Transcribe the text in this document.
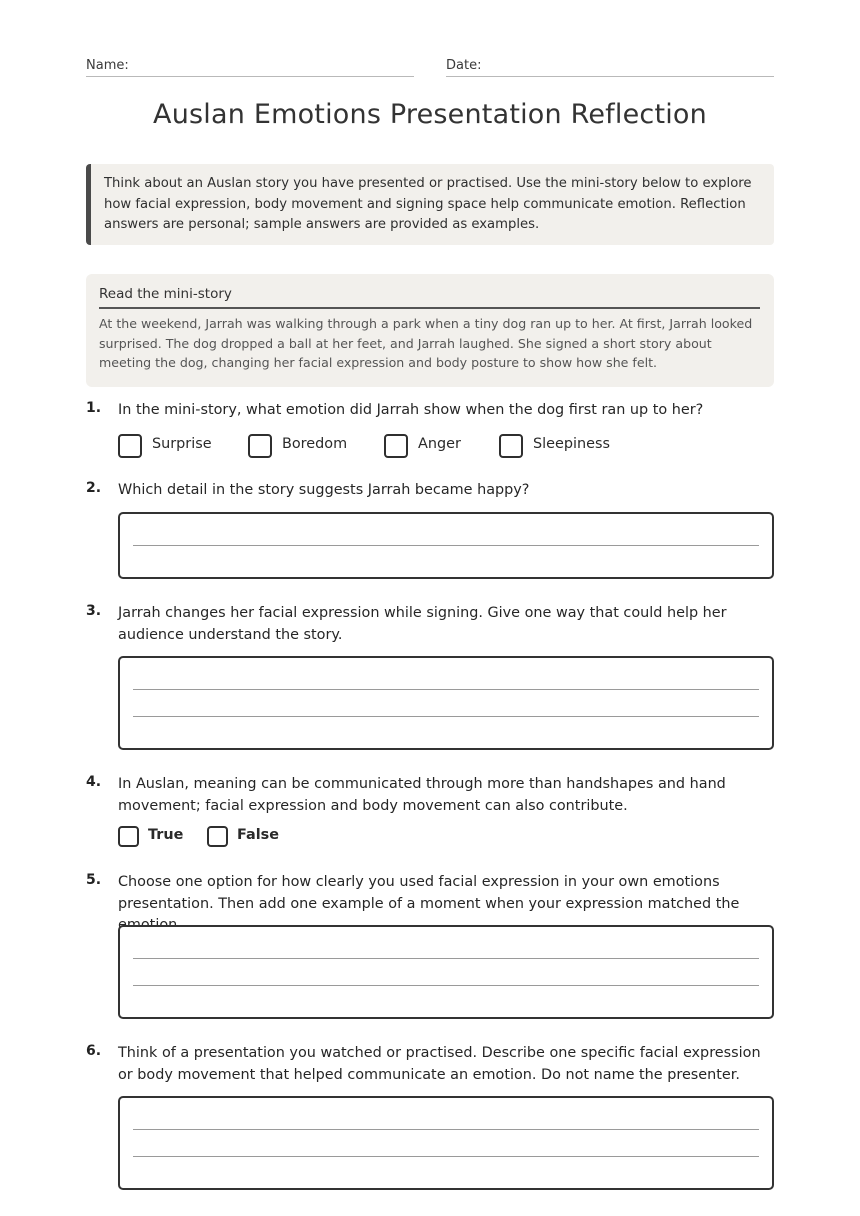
Name:	Date:
Auslan Emotions Presentation Reflection
Think about an Auslan story you have presented or practised. Use the mini-story below to explore how facial expression, body movement and signing space help communicate emotion. Reflection answers are personal; sample answers are provided as examples.
Read the mini-story
At the weekend, Jarrah was walking through a park when a tiny dog ran up to her. At first, Jarrah looked surprised. The dog dropped a ball at her feet, and Jarrah laughed. She signed a short story about meeting the dog, changing her facial expression and body posture to show how she felt.
1. In the mini-story, what emotion did Jarrah show when the dog first ran up to her?
Surprise	Boredom	Anger	Sleepiness
2. Which detail in the story suggests Jarrah became happy?
3. Jarrah changes her facial expression while signing. Give one way that could help her audience understand the story.
4. In Auslan, meaning can be communicated through more than handshapes and hand movement; facial expression and body movement can also contribute.
True	False
5. Choose one option for how clearly you used facial expression in your own emotions presentation. Then add one example of a moment when your expression matched the
6. Think of a presentation you watched or practised. Describe one specific facial expression or body movement that helped communicate an emotion. Do not name the presenter.
